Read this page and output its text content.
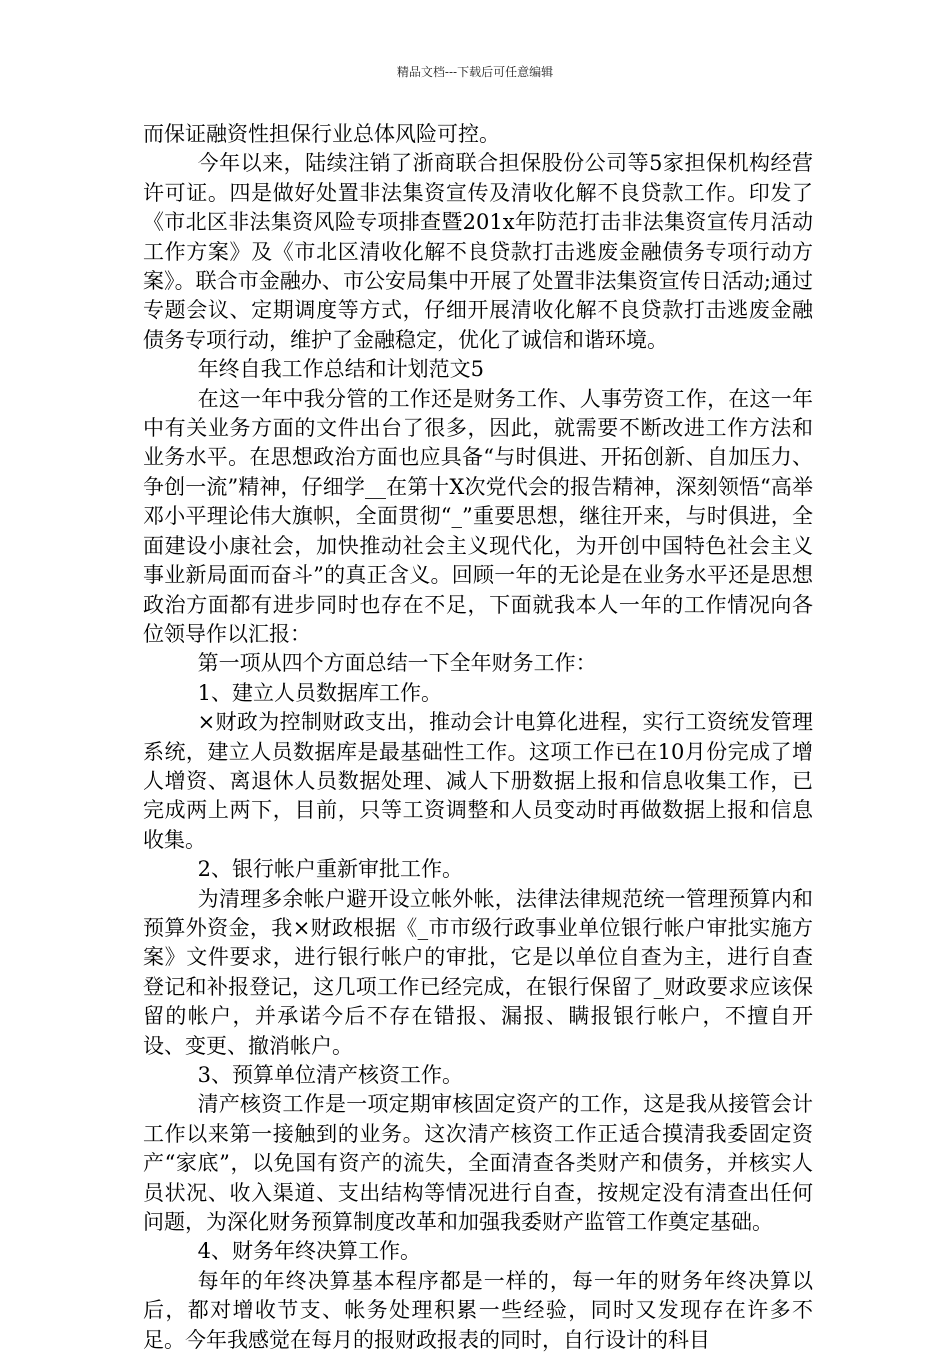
精品文档---下载后可任意编辑

而保证融资性担保行业总体风险可控。

今年以来，陆续注销了浙商联合担保股份公司等5家担保机构经营许可证。四是做好处置非法集资宣传及清收化解不良贷款工作。印发了《市北区非法集资风险专项排查暨201x年防范打击非法集资宣传月活动工作方案》及《市北区清收化解不良贷款打击逃废金融债务专项行动方案》。联合市金融办、市公安局集中开展了处置非法集资宣传日活动;通过专题会议、定期调度等方式，仔细开展清收化解不良贷款打击逃废金融债务专项行动，维护了金融稳定，优化了诚信和谐环境。

年终自我工作总结和计划范文5

在这一年中我分管的工作还是财务工作、人事劳资工作，在这一年中有关业务方面的文件出台了很多，因此，就需要不断改进工作方法和业务水平。在思想政治方面也应具备“与时俱进、开拓创新、自加压力、争创一流”精神，仔细学__在第十X次党代会的报告精神，深刻领悟“高举邓小平理论伟大旗帜，全面贯彻“_”重要思想，继往开来，与时俱进，全面建设小康社会，加快推动社会主义现代化，为开创中国特色社会主义事业新局面而奋斗”的真正含义。回顾一年的无论是在业务水平还是思想政治方面都有进步同时也存在不足，下面就我本人一年的工作情况向各位领导作以汇报：

第一项从四个方面总结一下全年财务工作：

1、建立人员数据库工作。

×财政为控制财政支出，推动会计电算化进程，实行工资统发管理系统，建立人员数据库是最基础性工作。这项工作已在10月份完成了增人增资、离退休人员数据处理、减人下册数据上报和信息收集工作，已完成两上两下，目前，只等工资调整和人员变动时再做数据上报和信息收集。

2、银行帐户重新审批工作。

为清理多余帐户避开设立帐外帐，法律法律规范统一管理预算内和预算外资金，我×财政根据《_市市级行政事业单位银行帐户审批实施方案》文件要求，进行银行帐户的审批，它是以单位自查为主，进行自查登记和补报登记，这几项工作已经完成，在银行保留了_财政要求应该保留的帐户，并承诺今后不存在错报、漏报、瞒报银行帐户，不擅自开设、变更、撤消帐户。

3、预算单位清产核资工作。

清产核资工作是一项定期审核固定资产的工作，这是我从接管会计工作以来第一接触到的业务。这次清产核资工作正适合摸清我委固定资产“家底”，以免国有资产的流失，全面清查各类财产和债务，并核实人员状况、收入渠道、支出结构等情况进行自查，按规定没有清查出任何问题，为深化财务预算制度改革和加强我委财产监管工作奠定基础。

4、财务年终决算工作。

每年的年终决算基本程序都是一样的，每一年的财务年终决算以后，都对增收节支、帐务处理积累一些经验，同时又发现存在许多不足。今年我感觉在每月的报财政报表的同时，自行设计的科目
